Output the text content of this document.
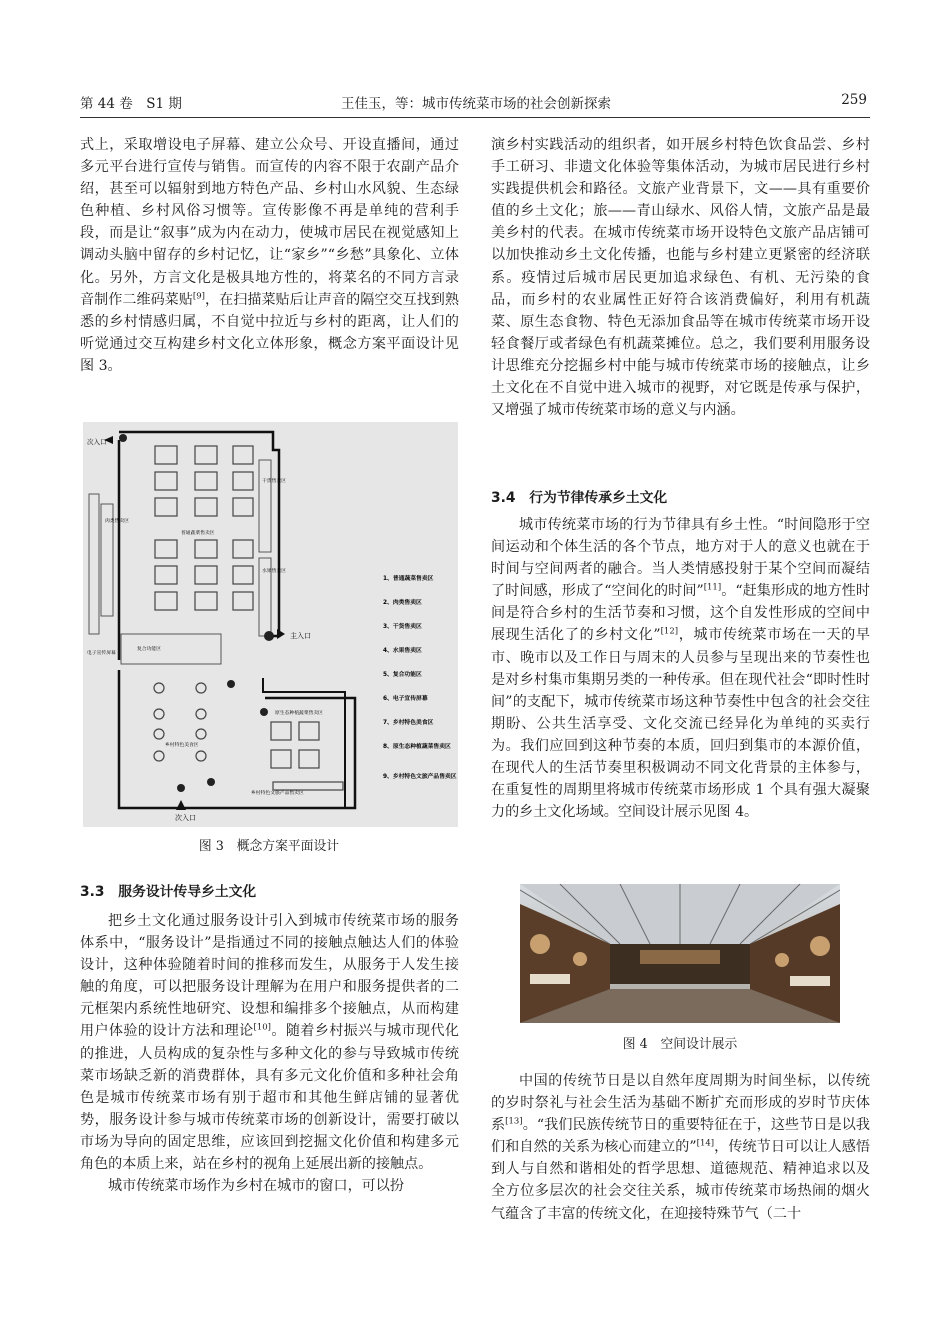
第 44 卷　S1 期	王佳玉，等：城市传统菜市场的社会创新探索	259

式上，采取增设电子屏幕、建立公众号、开设直播间，通过多元平台进行宣传与销售。而宣传的内容不限于农副产品介绍，甚至可以辐射到地方特色产品、乡村山水风貌、生态绿色种植、乡村风俗习惯等。宣传影像不再是单纯的营利手段，而是让“叙事”成为内在动力，使城市居民在视觉感知上调动头脑中留存的乡村记忆，让“家乡”“乡愁”具象化、立体化。另外，方言文化是极具地方性的，将菜名的不同方言录音制作二维码菜贴[9]，在扫描菜贴后让声音的隔空交互找到熟悉的乡村情感归属，不自觉中拉近与乡村的距离，让人们的听觉通过交互构建乡村文化立体形象，概念方案平面设计见图 3。

次入口
主入口
次入口
普通蔬菜售卖区
肉类售卖区
干货售卖区
水果售卖区
复合功能区
电子宣传屏幕
乡村特色美食区
原生态种植蔬菜售卖区
乡村特色文旅产品售卖区
1、普通蔬菜售卖区
2、肉类售卖区
3、干货售卖区
4、水果售卖区
5、复合功能区
6、电子宣传屏幕
7、乡村特色美食区
8、原生态种植蔬菜售卖区
9、乡村特色文旅产品售卖区
图 3　概念方案平面设计
3.3　服务设计传导乡土文化

把乡土文化通过服务设计引入到城市传统菜市场的服务体系中，“服务设计”是指通过不同的接触点触达人们的体验设计，这种体验随着时间的推移而发生，从服务于人发生接触的角度，可以把服务设计理解为在用户和服务提供者的二元框架内系统性地研究、设想和编排多个接触点，从而构建用户体验的设计方法和理论[10]。随着乡村振兴与城市现代化的推进，人员构成的复杂性与多种文化的参与导致城市传统菜市场缺乏新的消费群体，具有多元文化价值和多种社会角色是城市传统菜市场有别于超市和其他生鲜店铺的显著优势，服务设计参与城市传统菜市场的创新设计，需要打破以市场为导向的固定思维，应该回到挖掘文化价值和构建多元角色的本质上来，站在乡村的视角上延展出新的接触点。

城市传统菜市场作为乡村在城市的窗口，可以扮

演乡村实践活动的组织者，如开展乡村特色饮食品尝、乡村手工研习、非遗文化体验等集体活动，为城市居民进行乡村实践提供机会和路径。文旅产业背景下，文——具有重要价值的乡土文化；旅——青山绿水、风俗人情，文旅产品是最美乡村的代表。在城市传统菜市场开设特色文旅产品店铺可以加快推动乡土文化传播，也能与乡村建立更紧密的经济联系。疫情过后城市居民更加追求绿色、有机、无污染的食品，而乡村的农业属性正好符合该消费偏好，利用有机蔬菜、原生态食物、特色无添加食品等在城市传统菜市场开设轻食餐厅或者绿色有机蔬菜摊位。总之，我们要利用服务设计思维充分挖掘乡村中能与城市传统菜市场的接触点，让乡土文化在不自觉中进入城市的视野，对它既是传承与保护，又增强了城市传统菜市场的意义与内涵。

3.4　行为节律传承乡土文化

城市传统菜市场的行为节律具有乡土性。“时间隐形于空间运动和个体生活的各个节点，地方对于人的意义也就在于时间与空间两者的融合。当人类情感投射于某个空间而凝结了时间感，形成了“空间化的时间”[11]。“赶集形成的地方性时间是符合乡村的生活节奏和习惯，这个自发性形成的空间中展现生活化了的乡村文化”[12]，城市传统菜市场在一天的早市、晚市以及工作日与周末的人员参与呈现出来的节奏性也是对乡村集市集期另类的一种传承。但在现代社会“即时性时间”的支配下，城市传统菜市场这种节奏性中包含的社会交往期盼、公共生活享受、文化交流已经异化为单纯的买卖行为。我们应回到这种节奏的本质，回归到集市的本源价值，在现代人的生活节奏里积极调动不同文化背景的主体参与，在重复性的周期里将城市传统菜市场形成 1 个具有强大凝聚力的乡土文化场域。空间设计展示见图 4。

图 4　空间设计展示

中国的传统节日是以自然年度周期为时间坐标，以传统的岁时祭礼与社会生活为基础不断扩充而形成的岁时节庆体系[13]。“我们民族传统节日的重要特征在于，这些节日是以我们和自然的关系为核心而建立的”[14]，传统节日可以让人感悟到人与自然和谐相处的哲学思想、道德规范、精神追求以及全方位多层次的社会交往关系，城市传统菜市场热闹的烟火气蕴含了丰富的传统文化，在迎接特殊节气（二十
